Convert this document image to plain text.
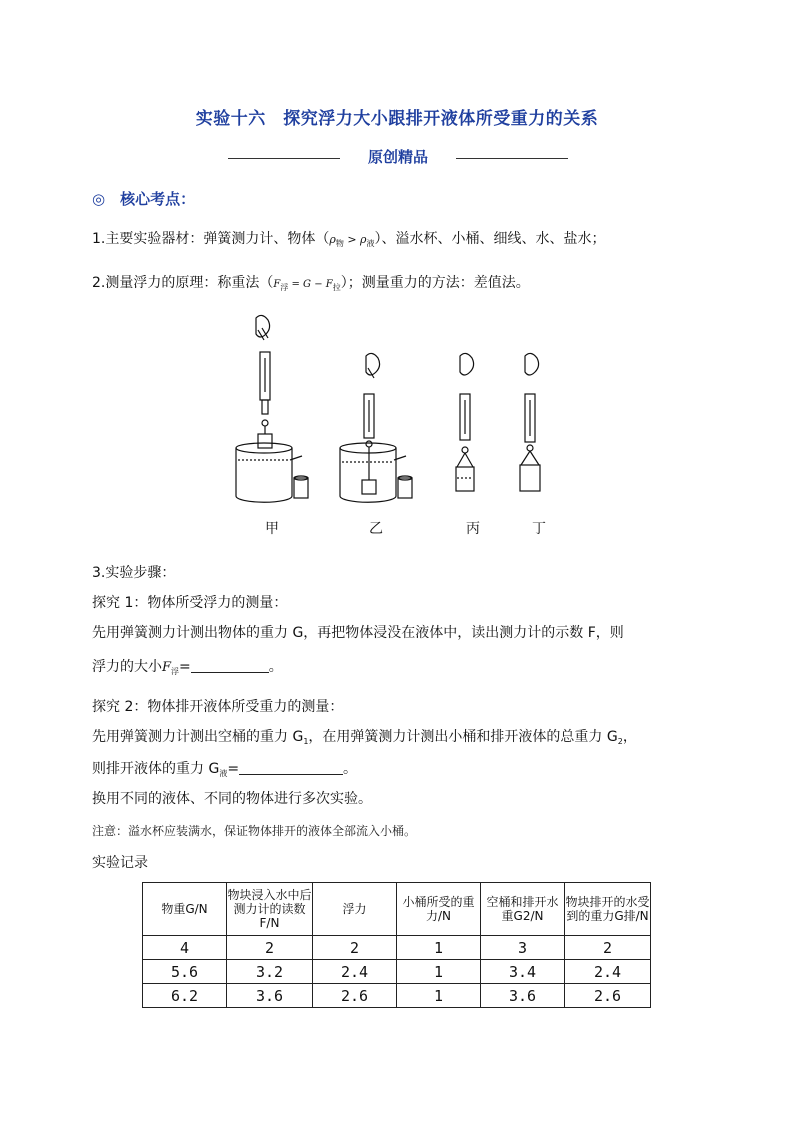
实验十六　探究浮力大小跟排开液体所受重力的关系
原创精品
◎　核心考点：
1.主要实验器材：弹簧测力计、物体$(\rho_物 > \rho_液)$、溢水杯、小桶、细线、水、盐水；
2.测量浮力的原理：称重法$(F_浮 = G - F_拉)$；测量重力的方法：差值法。
甲	乙	丙	丁
3.实验步骤：
探究 1：物体所受浮力的测量：
先用弹簧测力计测出物体的重力 G，再把物体浸没在液体中，读出测力计的示数 F，则
浮力的大小$F_浮=$	。
探究 2：物体排开液体所受重力的测量：
先用弹簧测力计测出空桶的重力 $G_1$，在用弹簧测力计测出小桶和排开液体的总重力 $G_2$，
则排开液体的重力 $G_液=$	。
换用不同的液体、不同的物体进行多次实验。
注意：溢水杯应装满水，保证物体排开的液体全部流入小桶。
实验记录
物重G/N	物块浸入水中后测力计的读数F/N	浮力	小桶所受的重力/N	空桶和排开水重G2/N	物块排开的水受到的重力G排/N
4	2	2	1	3	2
5.6	3.2	2.4	1	3.4	2.4
6.2	3.6	2.6	1	3.6	2.6
